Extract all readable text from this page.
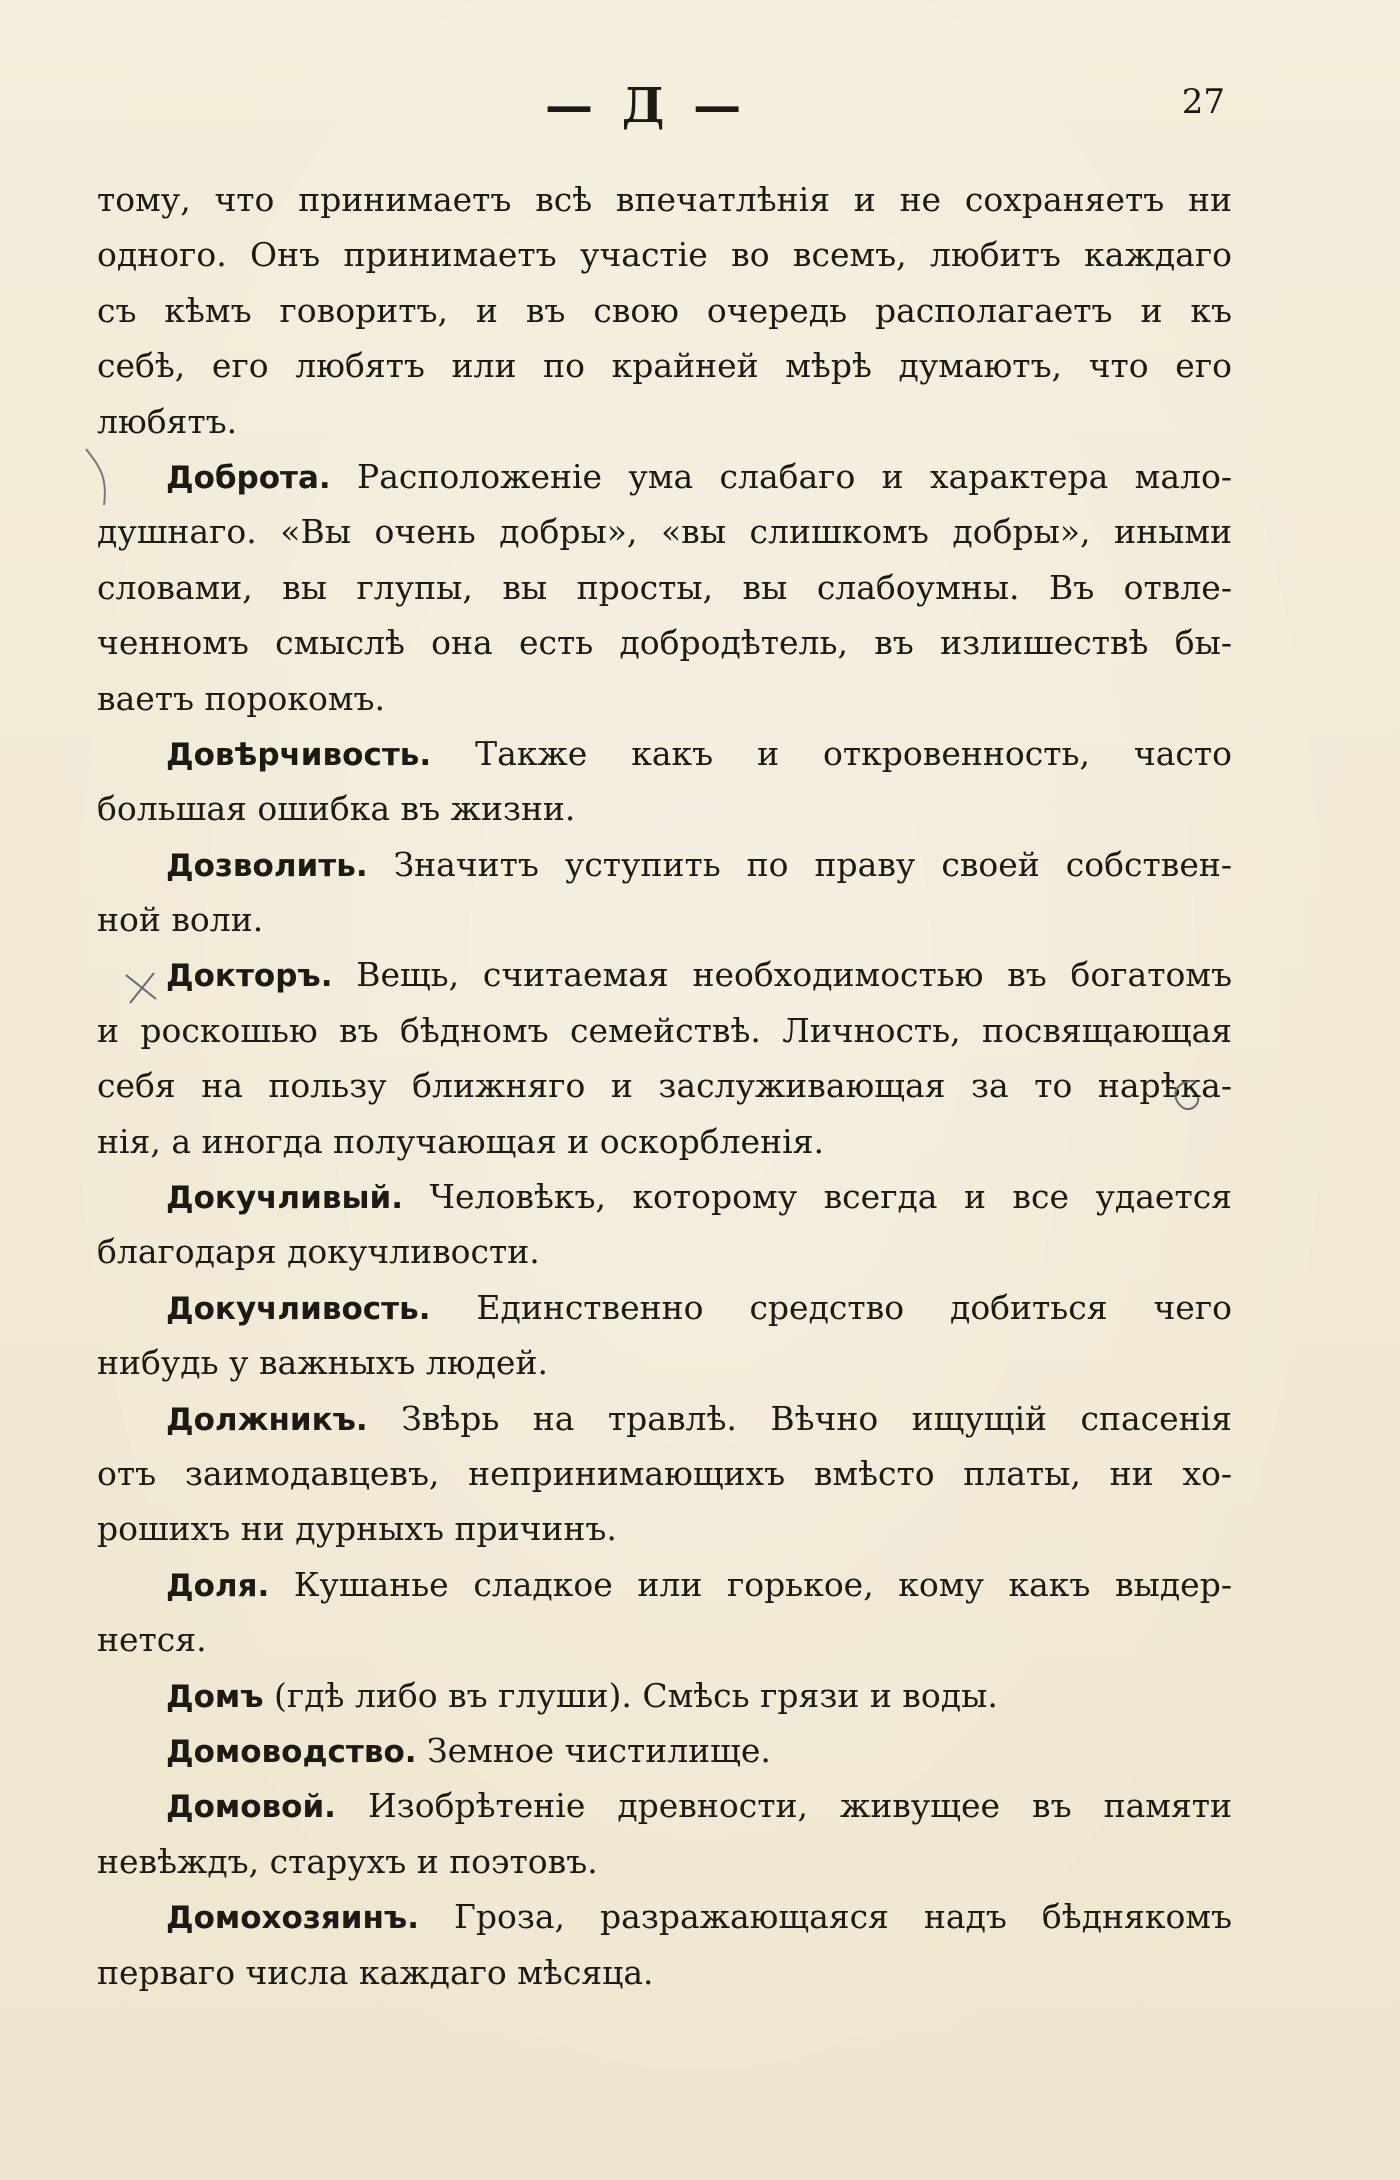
— Д —	27
тому, что принимаетъ всѣ впечатлѣнія и не сохраняетъ ни
одного. Онъ принимаетъ участіе во всемъ, любитъ каждаго
съ кѣмъ говоритъ, и въ свою очередь располагаетъ и къ
себѣ, его любятъ или по крайней мѣрѣ думаютъ, что его
любятъ.
Доброта. Расположеніе ума слабаго и характера мало-
душнаго. «Вы очень добры», «вы слишкомъ добры», иными
словами, вы глупы, вы просты, вы слабоумны. Въ отвле-
ченномъ смыслѣ она есть добродѣтель, въ излишествѣ бы-
ваетъ порокомъ.
Довѣрчивость. Также какъ и откровенность, часто
большая ошибка въ жизни.
Дозволить. Значитъ уступить по праву своей собствен-
ной воли.
Докторъ. Вещь, считаемая необходимостью въ богатомъ
и роскошью въ бѣдномъ семействѣ. Личность, посвящающая
себя на пользу ближняго и заслуживающая за то нарѣка-
нія, а иногда получающая и оскорбленія.
Докучливый. Человѣкъ, которому всегда и все удается
благодаря докучливости.
Докучливость. Единственно средство добиться чего
нибудь у важныхъ людей.
Должникъ. Звѣрь на травлѣ. Вѣчно ищущій спасенія
отъ заимодавцевъ, непринимающихъ вмѣсто платы, ни хо-
рошихъ ни дурныхъ причинъ.
Доля. Кушанье сладкое или горькое, кому какъ выдер-
нется.
Домъ (гдѣ либо въ глуши). Смѣсь грязи и воды.
Домоводство. Земное чистилище.
Домовой. Изобрѣтеніе древности, живущее въ памяти
невѣждъ, старухъ и поэтовъ.
Домохозяинъ. Гроза, разражающаяся надъ бѣднякомъ
перваго числа каждаго мѣсяца.
